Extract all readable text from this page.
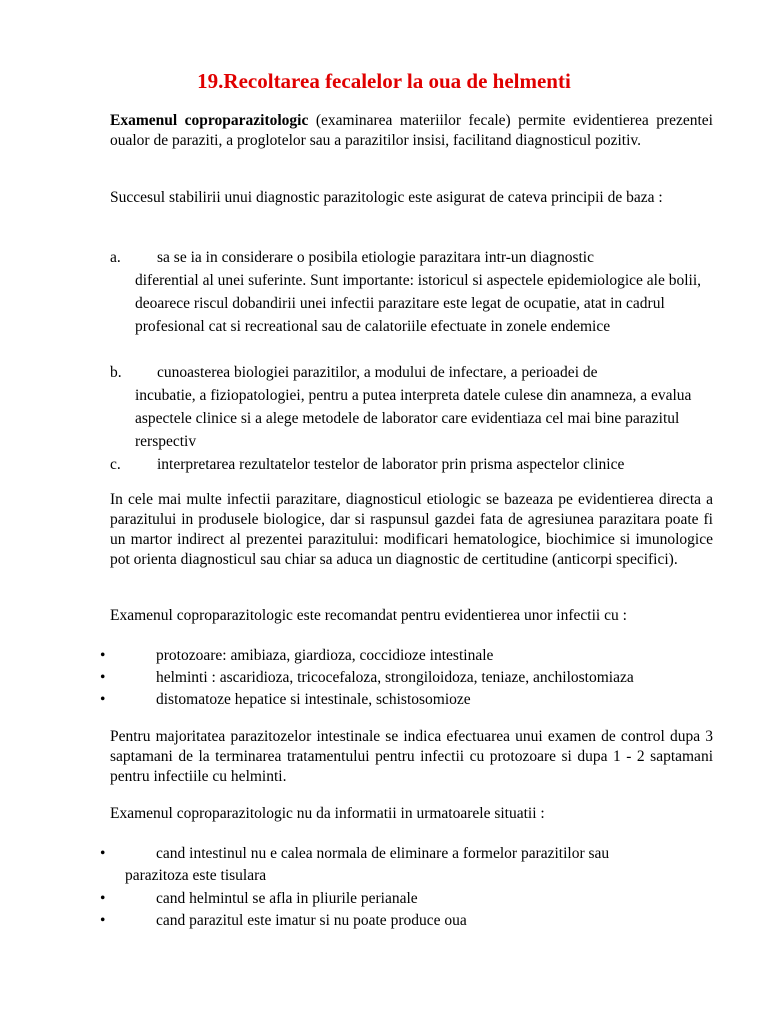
19.Recoltarea fecalelor la oua de helmenti

Examenul coproparazitologic (examinarea materiilor fecale) permite evidentierea prezentei oualor de paraziti, a proglotelor sau a parazitilor insisi, facilitand diagnosticul pozitiv.

Succesul stabilirii unui diagnostic parazitologic este asigurat de cateva principii de baza :

a.	sa se ia in considerare o posibila etiologie parazitara intr-un diagnostic
diferential al unei suferinte. Sunt importante: istoricul si aspectele epidemiologice ale bolii, deoarece riscul dobandirii unei infectii parazitare este legat de ocupatie, atat in cadrul profesional cat si recreational sau de calatoriile efectuate in zonele endemice
b.	cunoasterea biologiei parazitilor, a modului de infectare, a perioadei de
incubatie, a fiziopatologiei, pentru a putea interpreta datele culese din anamneza, a evalua aspectele clinice si a alege metodele de laborator care evidentiaza cel mai bine parazitul rerspectiv
c.	interpretarea rezultatelor testelor de laborator prin prisma aspectelor clinice

In cele mai multe infectii parazitare, diagnosticul etiologic se bazeaza pe evidentierea directa a parazitului in produsele biologice, dar si raspunsul gazdei fata de agresiunea parazitara poate fi un martor indirect al prezentei parazitului: modificari hematologice, biochimice si imunologice pot orienta diagnosticul sau chiar sa aduca un diagnostic de certitudine (anticorpi specifici).

Examenul coproparazitologic este recomandat pentru evidentierea unor infectii cu :

•	protozoare: amibiaza, giardioza, coccidioze intestinale
•	helminti : ascaridioza, tricocefaloza, strongiloidoza, teniaze, anchilostomiaza
•	distomatoze hepatice si intestinale, schistosomioze

Pentru majoritatea parazitozelor intestinale se indica efectuarea unui examen de control dupa 3 saptamani de la terminarea tratamentului pentru infectii cu protozoare si dupa 1 - 2 saptamani pentru infectiile cu helminti.

Examenul coproparazitologic nu da informatii in urmatoarele situatii :

•	cand intestinul nu e calea normala de eliminare a formelor parazitilor sau
parazitoza este tisulara
•	cand helmintul se afla in pliurile perianale
•	cand parazitul este imatur si nu poate produce oua
